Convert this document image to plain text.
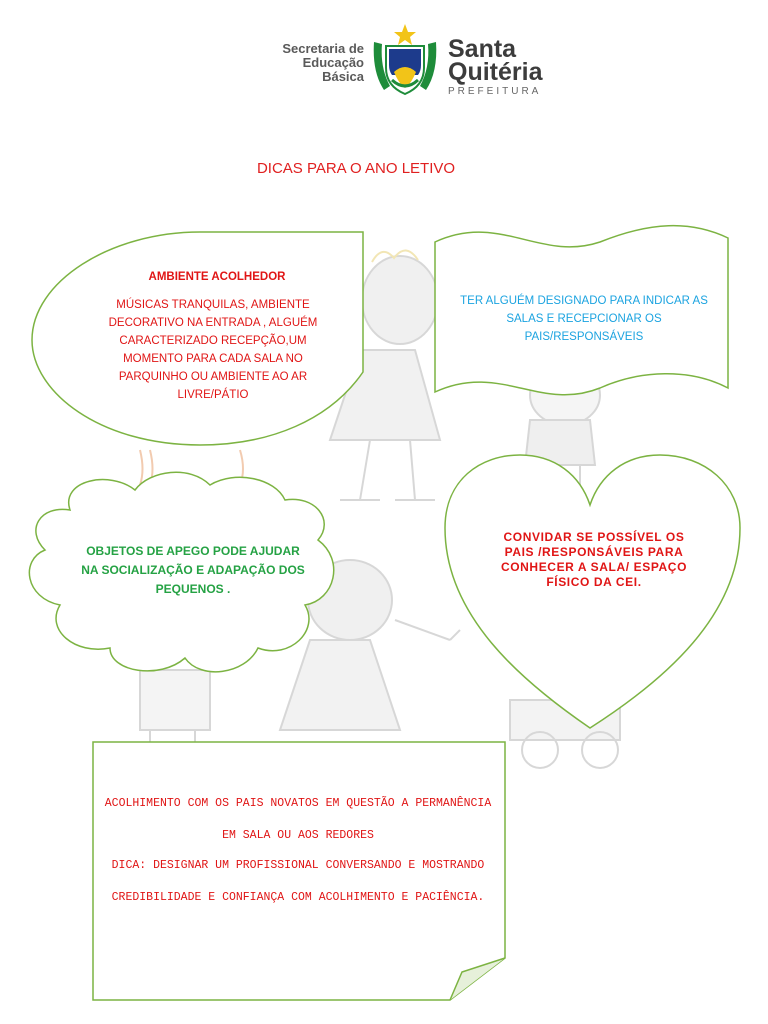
Secretaria de
Educação
Básica
Santa
Quitéria
PREFEITURA
DICAS PARA O ANO LETIVO
AMBIENTE ACOLHEDOR
MÚSICAS TRANQUILAS, AMBIENTE DECORATIVO NA ENTRADA , ALGUÉM CARACTERIZADO RECEPÇÃO,UM MOMENTO PARA CADA SALA NO PARQUINHO OU AMBIENTE AO AR LIVRE/PÁTIO
TER ALGUÉM DESIGNADO PARA INDICAR AS SALAS E RECEPCIONAR OS PAIS/RESPONSÁVEIS
OBJETOS DE APEGO PODE AJUDAR NA SOCIALIZAÇÃO E ADAPAÇÃO DOS PEQUENOS .
CONVIDAR SE POSSÍVEL OS PAIS /RESPONSÁVEIS PARA CONHECER A SALA/ ESPAÇO FÍSICO DA CEI.
ACOLHIMENTO COM OS PAIS NOVATOS EM QUESTÃO A PERMANÊNCIA EM SALA OU AOS REDORES
DICA: DESIGNAR UM PROFISSIONAL CONVERSANDO E MOSTRANDO CREDIBILIDADE E CONFIANÇA COM ACOLHIMENTO E PACIÊNCIA.
